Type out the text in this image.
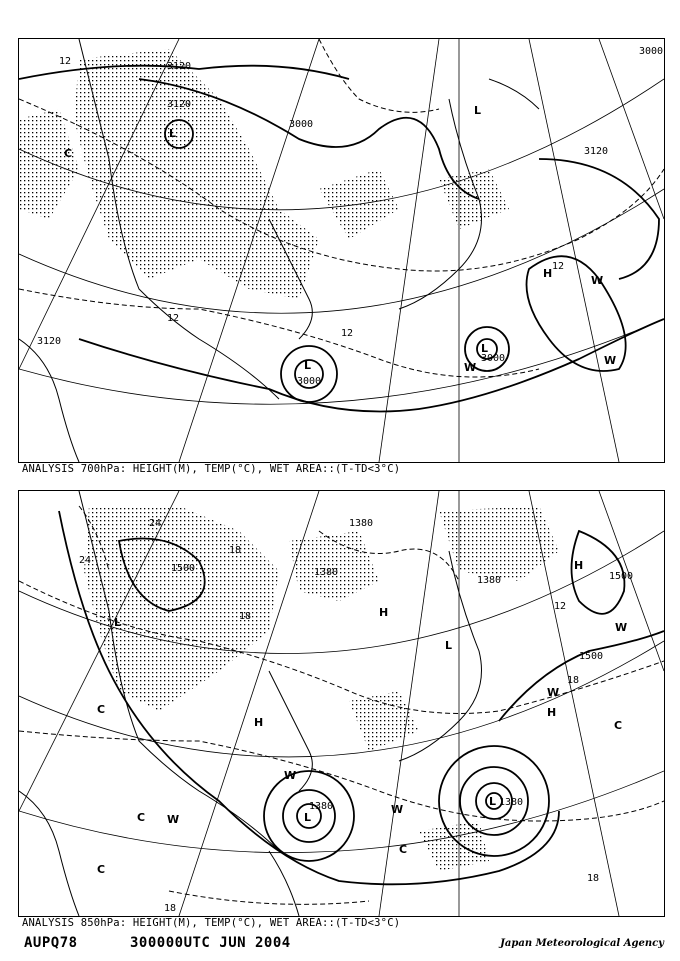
3000
3000
3000
3000
3120
3120
3120
3120
12
12
12
12
L
L
L
H
L
W
W
C
W
ANALYSIS 700hPa: HEIGHT(M), TEMP(°C), WET AREA::(T-TD<3°C)
1500
1500
1500
1380
1380
1380
1380	1380
24
24
18
18
18
18
18
12
L
H
H
H
H
L
L
L
C
C
C
W
W
W
C
W
W
C
ANALYSIS 850hPa: HEIGHT(M), TEMP(°C), WET AREA::(T-TD<3°C)
AUPQ78	300000UTC JUN 2004	Japan Meteorological Agency
